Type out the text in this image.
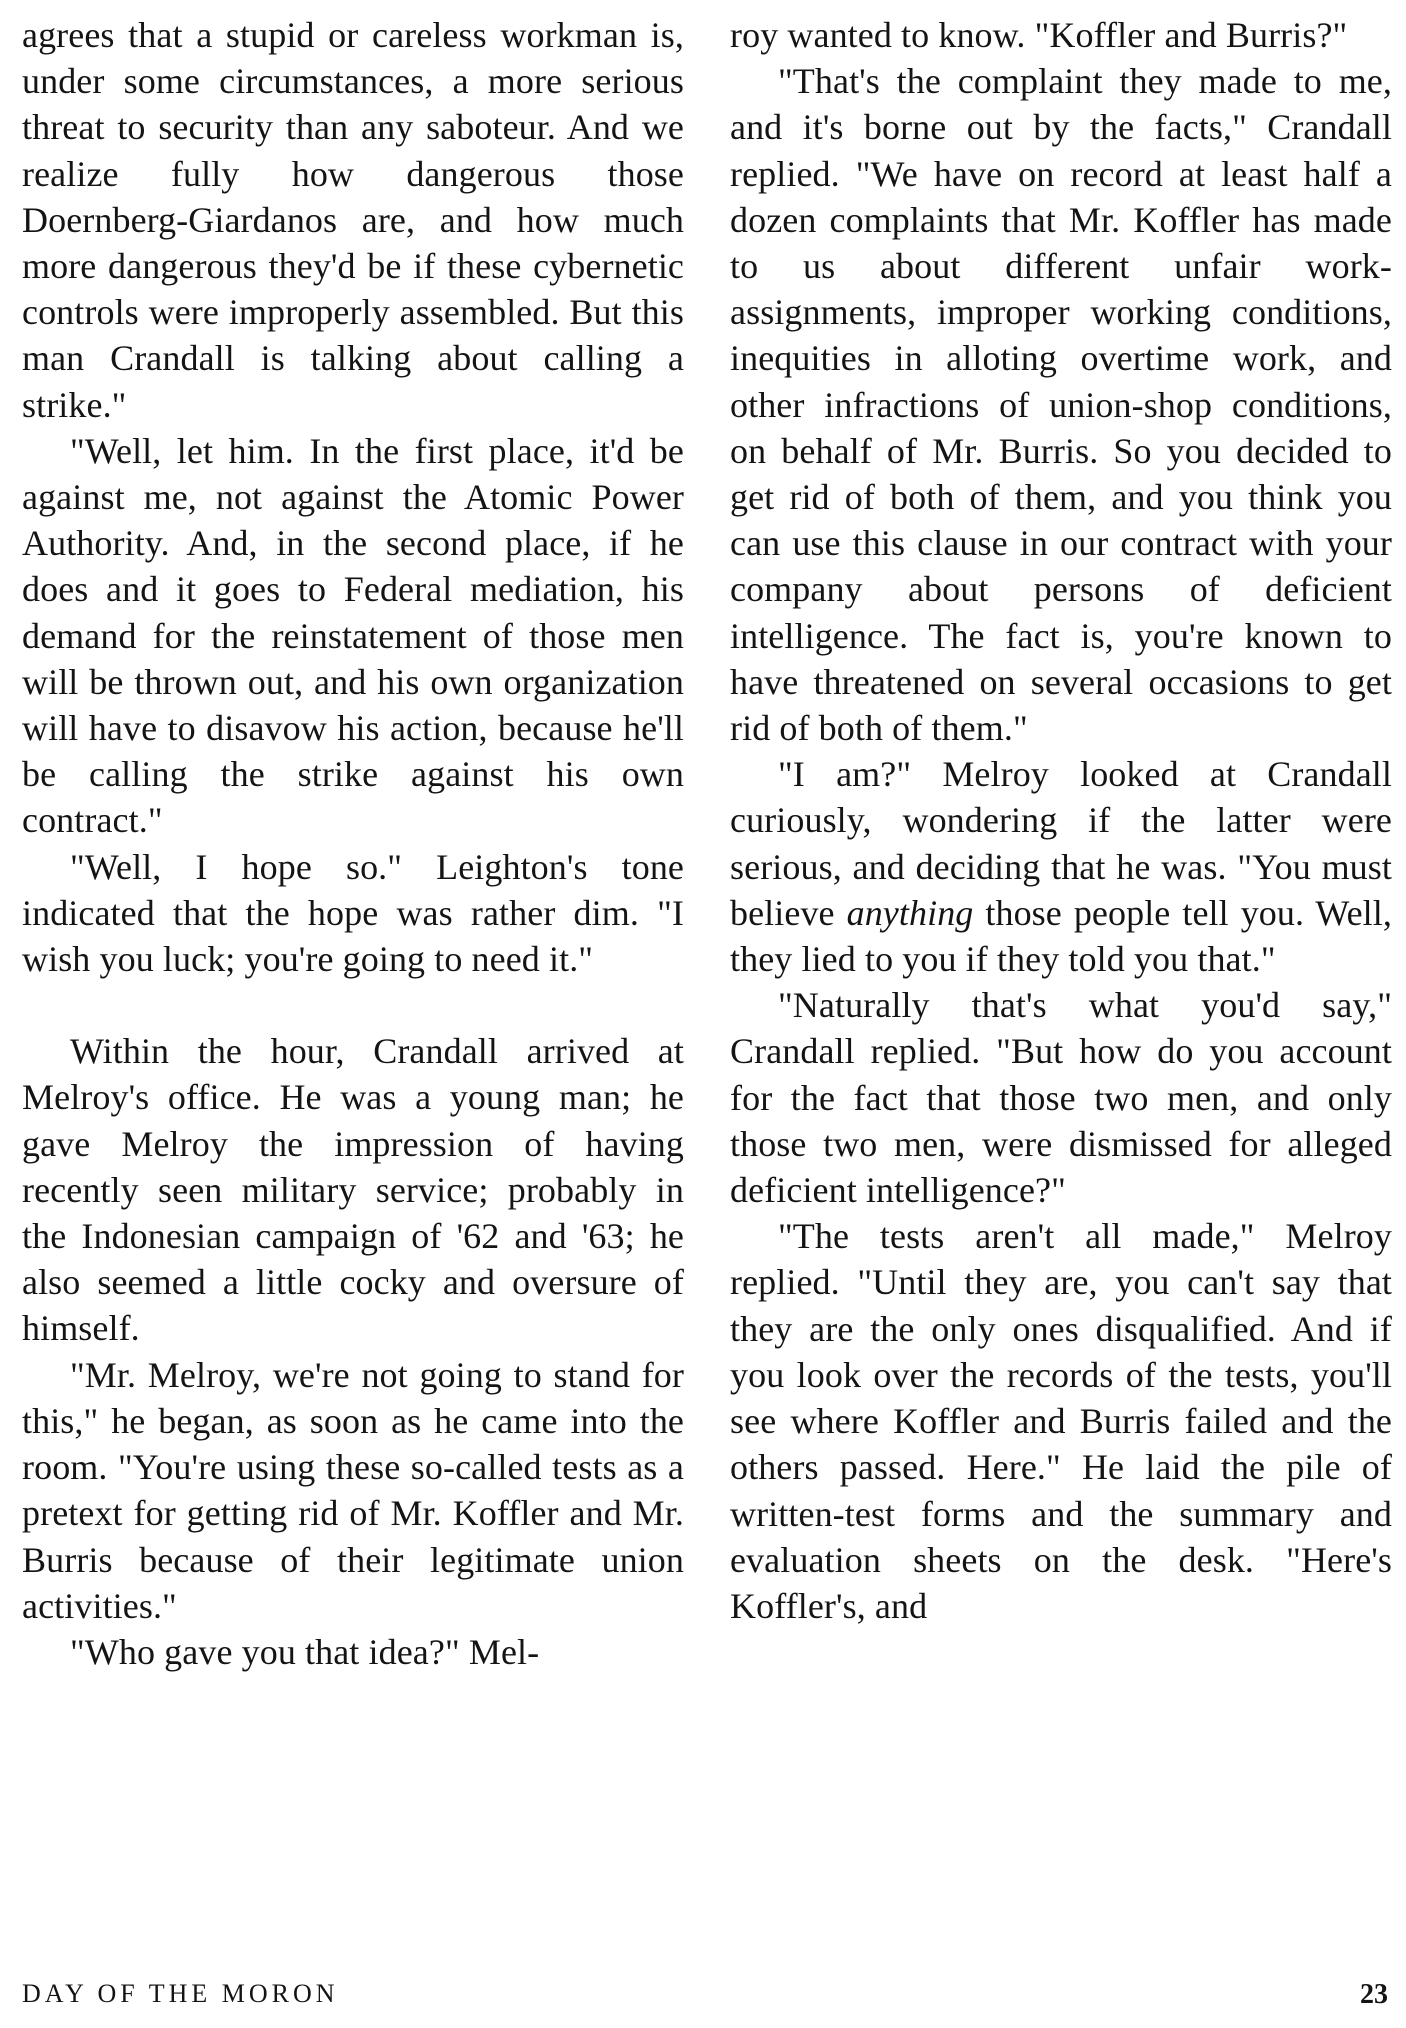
agrees that a stupid or careless workman is, under some circumstances, a more serious threat to security than any saboteur. And we realize fully how dangerous those Doernberg-Giardanos are, and how much more dangerous they'd be if these cybernetic controls were improperly assembled. But this man Crandall is talking about calling a strike."

"Well, let him. In the first place, it'd be against me, not against the Atomic Power Authority. And, in the second place, if he does and it goes to Federal mediation, his demand for the reinstatement of those men will be thrown out, and his own organization will have to disavow his action, because he'll be calling the strike against his own contract."

"Well, I hope so." Leighton's tone indicated that the hope was rather dim. "I wish you luck; you're going to need it."

Within the hour, Crandall arrived at Melroy's office. He was a young man; he gave Melroy the impression of having recently seen military service; probably in the Indonesian campaign of '62 and '63; he also seemed a little cocky and oversure of himself.

"Mr. Melroy, we're not going to stand for this," he began, as soon as he came into the room. "You're using these so-called tests as a pretext for getting rid of Mr. Koffler and Mr. Burris because of their legitimate union activities."

"Who gave you that idea?" Mel-

roy wanted to know. "Koffler and Burris?"

"That's the complaint they made to me, and it's borne out by the facts," Crandall replied. "We have on record at least half a dozen complaints that Mr. Koffler has made to us about different unfair work-assignments, improper working conditions, inequities in alloting overtime work, and other infractions of union-shop conditions, on behalf of Mr. Burris. So you decided to get rid of both of them, and you think you can use this clause in our contract with your company about persons of deficient intelligence. The fact is, you're known to have threatened on several occasions to get rid of both of them."

"I am?" Melroy looked at Crandall curiously, wondering if the latter were serious, and deciding that he was. "You must believe anything those people tell you. Well, they lied to you if they told you that."

"Naturally that's what you'd say," Crandall replied. "But how do you account for the fact that those two men, and only those two men, were dismissed for alleged deficient intelligence?"

"The tests aren't all made," Melroy replied. "Until they are, you can't say that they are the only ones disqualified. And if you look over the records of the tests, you'll see where Koffler and Burris failed and the others passed. Here." He laid the pile of written-test forms and the summary and evaluation sheets on the desk. "Here's Koffler's, and

DAY OF THE MORON	23
